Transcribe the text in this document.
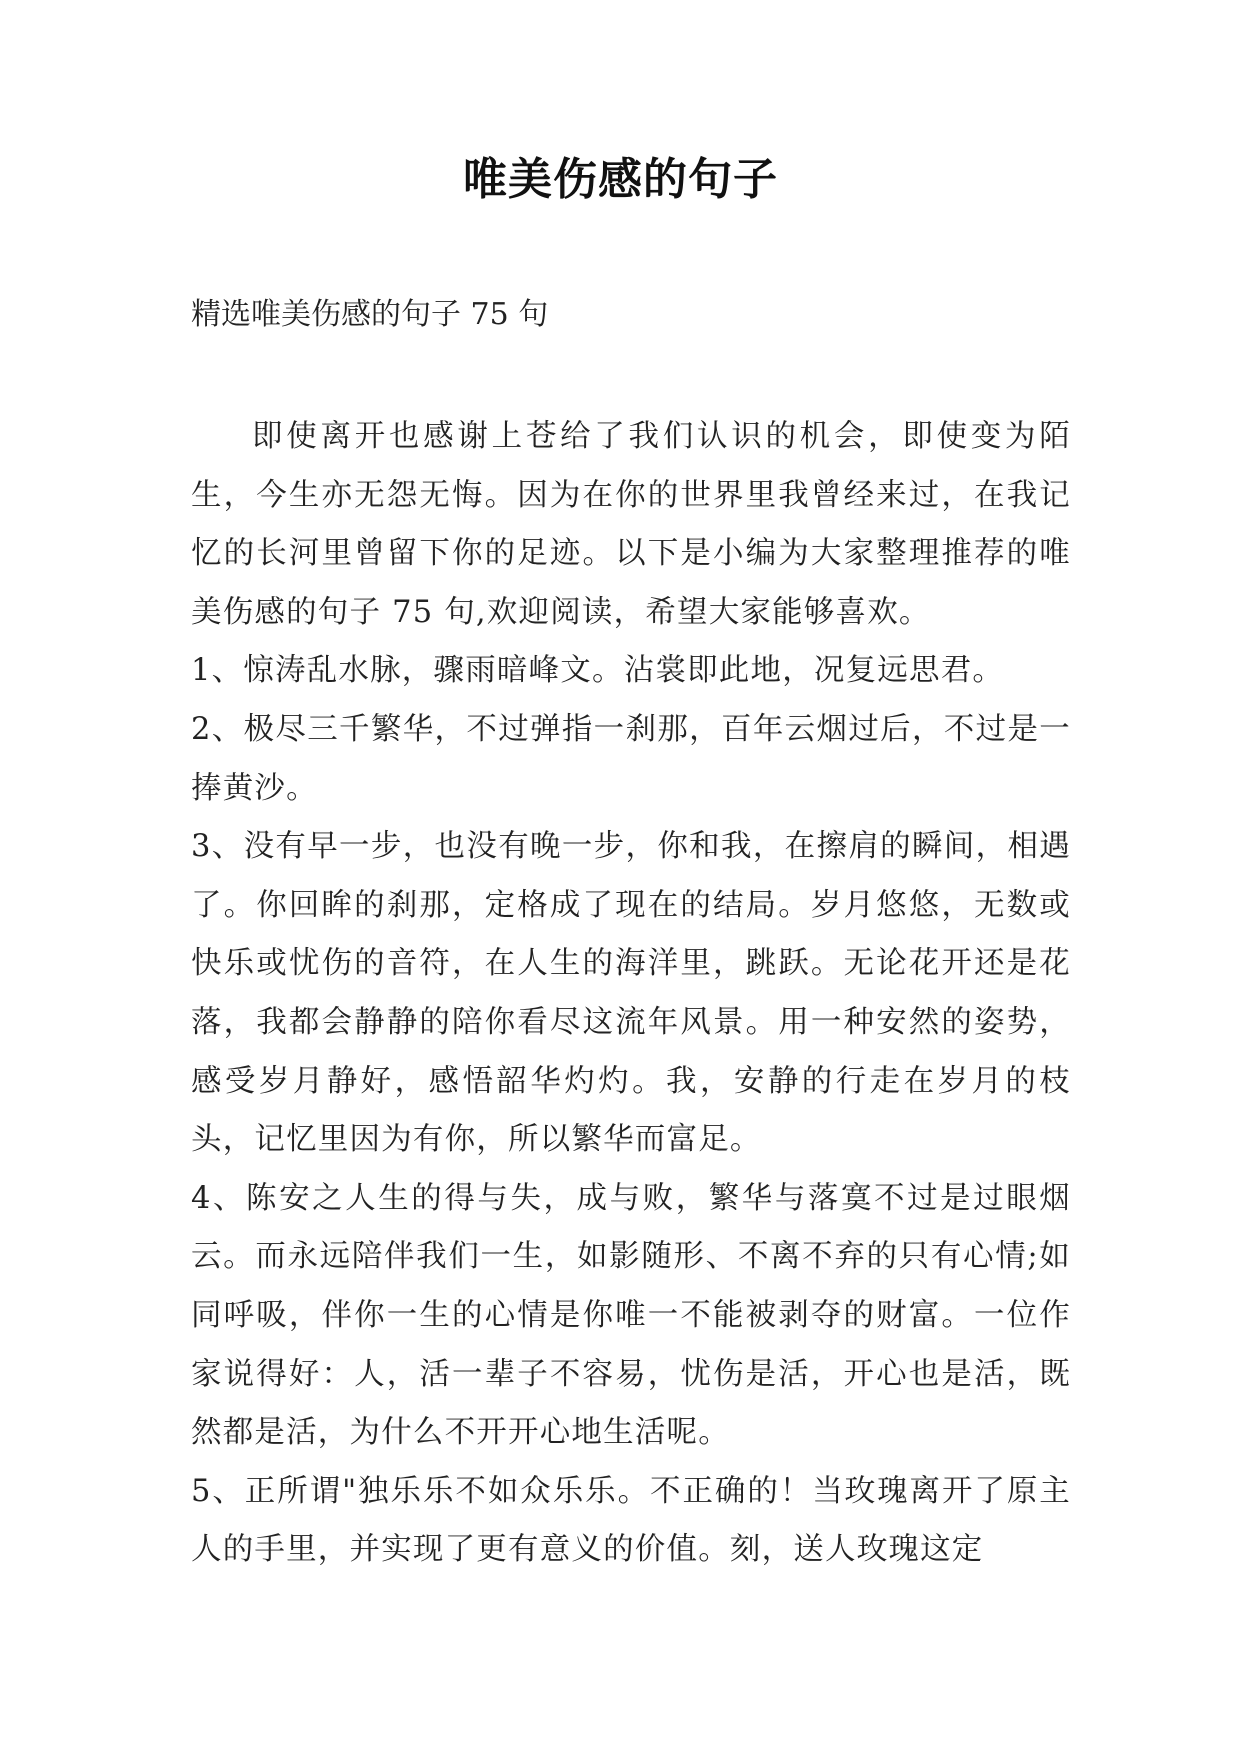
唯美伤感的句子
精选唯美伤感的句子 75 句

即使离开也感谢上苍给了我们认识的机会，即使变为陌生，今生亦无怨无悔。因为在你的世界里我曾经来过，在我记忆的长河里曾留下你的足迹。以下是小编为大家整理推荐的唯美伤感的句子 75 句,欢迎阅读，希望大家能够喜欢。

1、惊涛乱水脉，骤雨暗峰文。沾裳即此地，况复远思君。

2、极尽三千繁华，不过弹指一刹那，百年云烟过后，不过是一捧黄沙。

3、没有早一步，也没有晚一步，你和我，在擦肩的瞬间，相遇了。你回眸的刹那，定格成了现在的结局。岁月悠悠，无数或快乐或忧伤的音符，在人生的海洋里，跳跃。无论花开还是花落，我都会静静的陪你看尽这流年风景。用一种安然的姿势，感受岁月静好，感悟韶华灼灼。我，安静的行走在岁月的枝头，记忆里因为有你，所以繁华而富足。

4、陈安之人生的得与失，成与败，繁华与落寞不过是过眼烟云。而永远陪伴我们一生，如影随形、不离不弃的只有心情;如同呼吸，伴你一生的心情是你唯一不能被剥夺的财富。一位作家说得好：人，活一辈子不容易，忧伤是活，开心也是活，既然都是活，为什么不开开心地生活呢。

5、正所谓"独乐乐不如众乐乐。不正确的！当玫瑰离开了原主人的手里，并实现了更有意义的价值。刻，送人玫瑰这定
